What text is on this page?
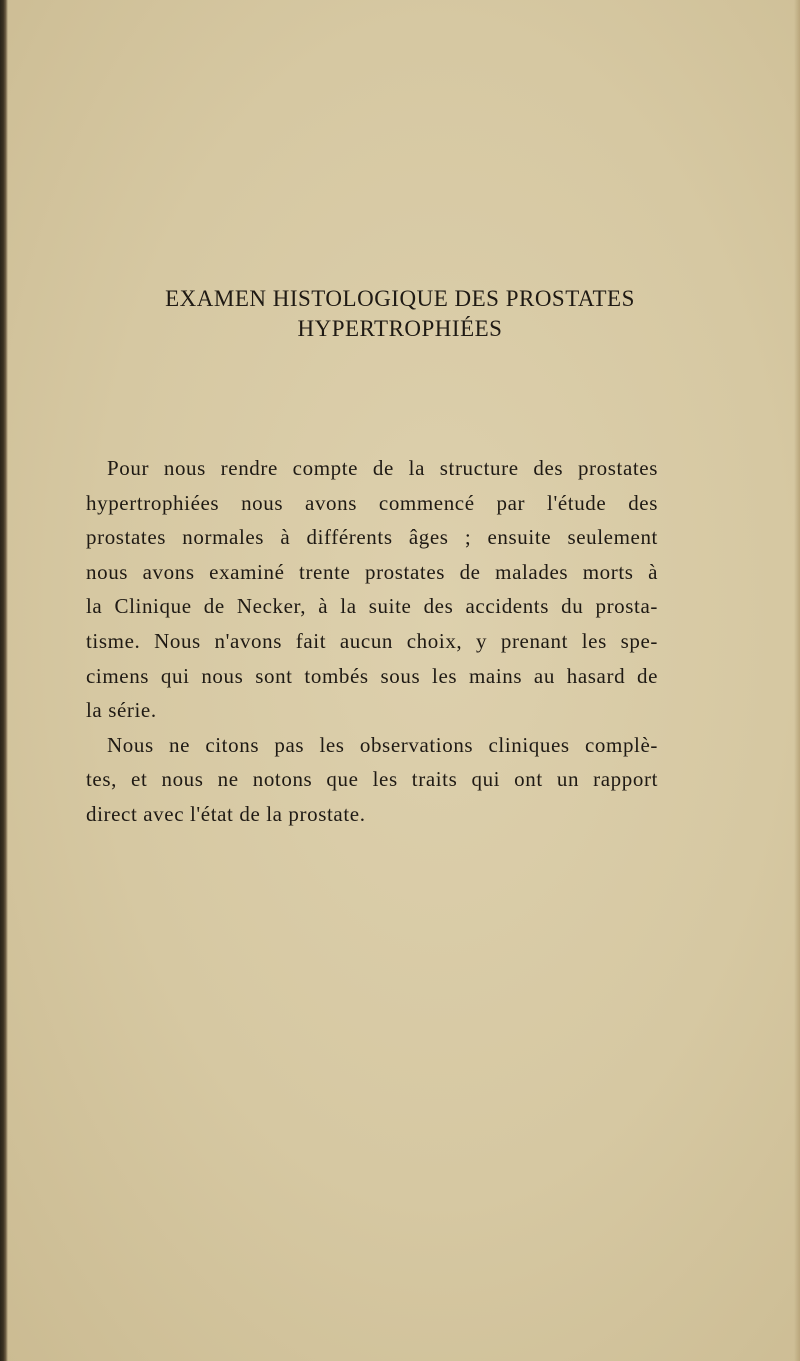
EXAMEN HISTOLOGIQUE DES PROSTATES
HYPERTROPHIÉES
Pour nous rendre compte de la structure des prostates
hypertrophiées nous avons commencé par l'étude des
prostates normales à différents âges ; ensuite seulement
nous avons examiné trente prostates de malades morts à
la Clinique de Necker, à la suite des accidents du prosta-
tisme. Nous n'avons fait aucun choix, y prenant les spe-
cimens qui nous sont tombés sous les mains au hasard de
la série.
Nous ne citons pas les observations cliniques complè-
tes, et nous ne notons que les traits qui ont un rapport
direct avec l'état de la prostate.
